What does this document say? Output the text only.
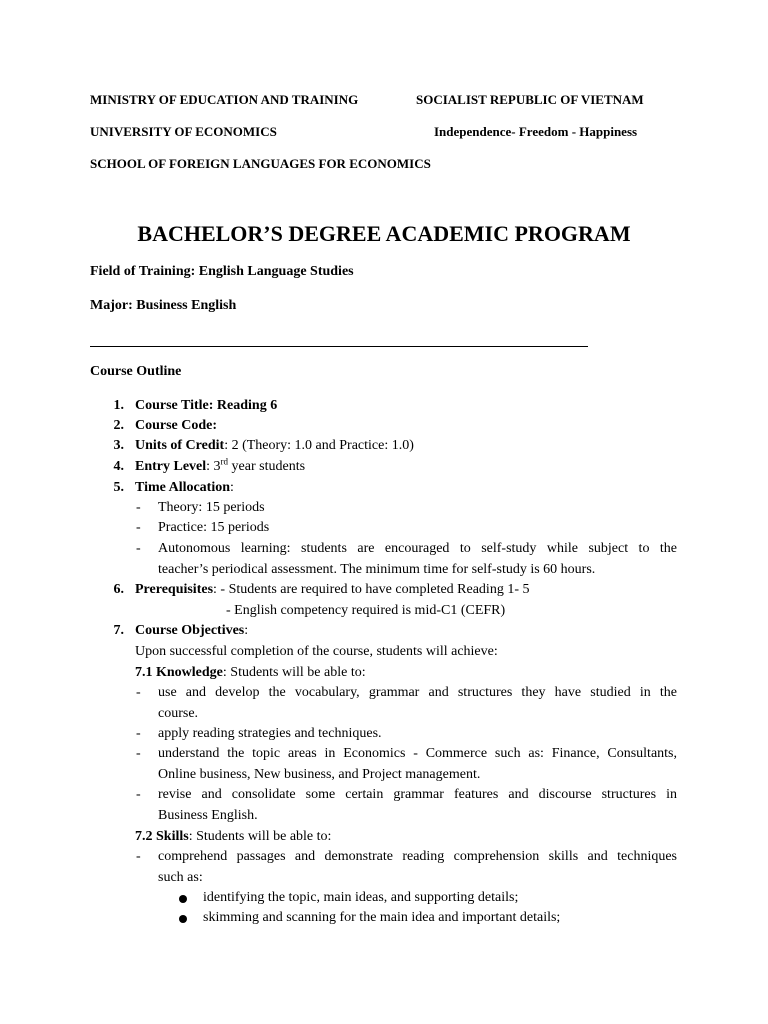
MINISTRY OF EDUCATION AND TRAINING	SOCIALIST REPUBLIC OF VIETNAM
UNIVERSITY OF ECONOMICS	Independence- Freedom - Happiness
SCHOOL OF FOREIGN LANGUAGES FOR ECONOMICS
BACHELOR’S DEGREE ACADEMIC PROGRAM
Field of Training: English Language Studies
Major: Business English
Course Outline
1. Course Title: Reading 6
2. Course Code:
3. Units of Credit: 2 (Theory: 1.0 and Practice: 1.0)
4. Entry Level: 3rd year students
5. Time Allocation:
- Theory: 15 periods
- Practice: 15 periods
- Autonomous learning: students are encouraged to self-study while subject to the
teacher’s periodical assessment. The minimum time for self-study is 60 hours.
6. Prerequisites: - Students are required to have completed Reading 1- 5
- English competency required is mid-C1 (CEFR)
7. Course Objectives:
Upon successful completion of the course, students will achieve:
7.1 Knowledge: Students will be able to:
- use and develop the vocabulary, grammar and structures they have studied in the
course.
- apply reading strategies and techniques.
- understand the topic areas in Economics - Commerce such as: Finance, Consultants,
Online business, New business, and Project management.
- revise and consolidate some certain grammar features and discourse structures in
Business English.
7.2 Skills: Students will be able to:
- comprehend passages and demonstrate reading comprehension skills and techniques
such as:
identifying the topic, main ideas, and supporting details;
skimming and scanning for the main idea and important details;
